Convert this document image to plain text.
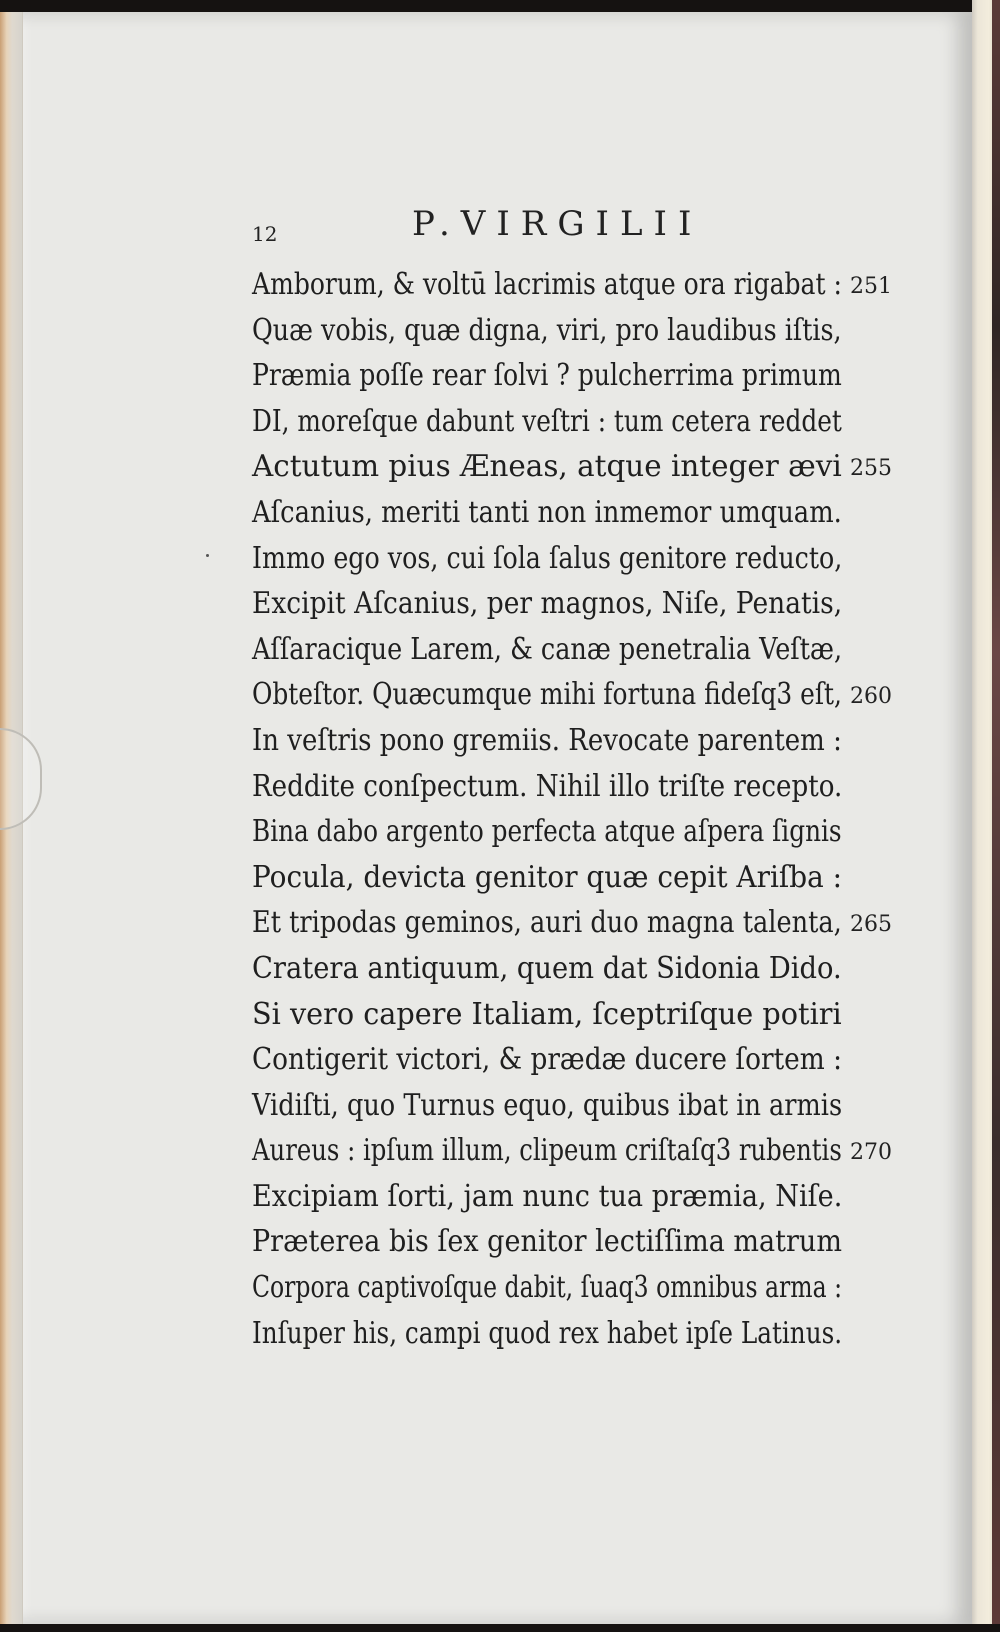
12	P.VIRGILII
Amborum, & voltū lacrimis atque ora rigabat : 251
Quæ vobis, quæ digna, viri, pro laudibus iſtis,
Præmia poſſe rear ſolvi ? pulcherrima primum
DI, moreſque dabunt veſtri : tum cetera reddet
Actutum pius Æneas, atque integer ævi 255
Aſcanius, meriti tanti non inmemor umquam.
Immo ego vos, cui ſola ſalus genitore reducto,
Excipit Aſcanius, per magnos, Niſe, Penatis,
Aſſaracique Larem, & canæ penetralia Veſtæ,
Obteſtor. Quæcumque mihi fortuna fideſq3 eſt, 260
In veſtris pono gremiis. Revocate parentem :
Reddite conſpectum. Nihil illo triſte recepto.
Bina dabo argento perfecta atque aſpera ſignis
Pocula, devicta genitor quæ cepit Ariſba :
Et tripodas geminos, auri duo magna talenta, 265
Cratera antiquum, quem dat Sidonia Dido.
Si vero capere Italiam, ſceptriſque potiri
Contigerit victori, & prædæ ducere ſortem :
Vidiſti, quo Turnus equo, quibus ibat in armis
Aureus : ipſum illum, clipeum criſtaſq3 rubentis 270
Excipiam ſorti, jam nunc tua præmia, Niſe.
Præterea bis ſex genitor lectiſſima matrum
Corpora captivoſque dabit, ſuaq3 omnibus arma :
Inſuper his, campi quod rex habet ipſe Latinus.
